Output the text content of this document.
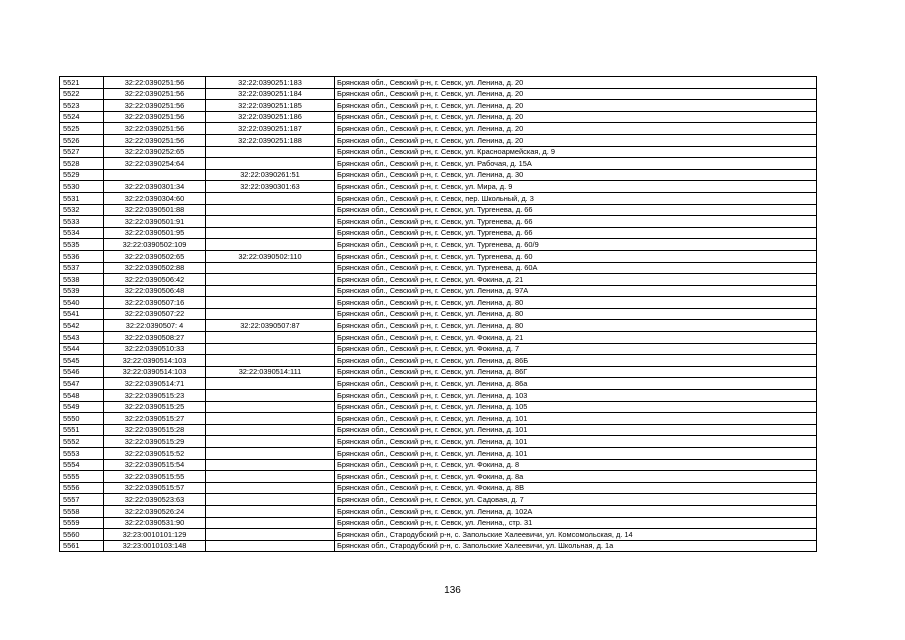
5521	32:22:0390251:56	32:22:0390251:183	Брянская обл., Севский р-н, г. Севск, ул. Ленина, д. 20
5522	32:22:0390251:56	32:22:0390251:184	Брянская обл., Севский р-н, г. Севск, ул. Ленина, д. 20
5523	32:22:0390251:56	32:22:0390251:185	Брянская обл., Севский р-н, г. Севск, ул. Ленина, д. 20
5524	32:22:0390251:56	32:22:0390251:186	Брянская обл., Севский р-н, г. Севск, ул. Ленина, д. 20
5525	32:22:0390251:56	32:22:0390251:187	Брянская обл., Севский р-н, г. Севск, ул. Ленина, д. 20
5526	32:22:0390251:56	32:22:0390251:188	Брянская обл., Севский р-н, г. Севск, ул. Ленина, д. 20
5527	32:22:0390252:65		Брянская обл., Севский р-н, г. Севск, ул. Красноармейская, д. 9
5528	32:22:0390254:64		Брянская обл., Севский р-н, г. Севск, ул. Рабочая, д. 15А
5529		32:22:0390261:51	Брянская обл., Севский р-н, г. Севск, ул. Ленина, д. 30
5530	32:22:0390301:34	32:22:0390301:63	Брянская обл., Севский р-н, г. Севск, ул. Мира, д. 9
5531	32:22:0390304:60		Брянская обл., Севский р-н, г. Севск, пер. Школьный, д. 3
5532	32:22:0390501:88		Брянская обл., Севский р-н, г. Севск, ул. Тургенева, д. 66
5533	32:22:0390501:91		Брянская обл., Севский р-н, г. Севск, ул. Тургенева, д. 66
5534	32:22:0390501:95		Брянская обл., Севский р-н, г. Севск, ул. Тургенева, д. 66
5535	32:22:0390502:109		Брянская обл., Севский р-н, г. Севск, ул. Тургенева, д. 60/9
5536	32:22:0390502:65	32:22:0390502:110	Брянская обл., Севский р-н, г. Севск, ул. Тургенева, д. 60
5537	32:22:0390502:88		Брянская обл., Севский р-н, г. Севск, ул. Тургенева, д. 60А
5538	32:22:0390506:42		Брянская обл., Севский р-н, г. Севск, ул. Фокина, д. 21
5539	32:22:0390506:48		Брянская обл., Севский р-н, г. Севск, ул. Ленина, д. 97А
5540	32:22:0390507:16		Брянская обл., Севский р-н, г. Севск, ул. Ленина, д. 80
5541	32:22:0390507:22		Брянская обл., Севский р-н, г. Севск, ул. Ленина, д. 80
5542	32:22:0390507: 4	32:22:0390507:87	Брянская обл., Севский р-н, г. Севск, ул. Ленина, д. 80
5543	32:22:0390508:27		Брянская обл., Севский р-н, г. Севск, ул. Фокина, д. 21
5544	32:22:0390510:33		Брянская обл., Севский р-н, г. Севск, ул. Фокина, д. 7
5545	32:22:0390514:103		Брянская обл., Севский р-н, г. Севск, ул. Ленина, д. 86Б
5546	32:22:0390514:103	32:22:0390514:111	Брянская обл., Севский р-н, г. Севск, ул. Ленина, д. 86Г
5547	32:22:0390514:71		Брянская обл., Севский р-н, г. Севск, ул. Ленина, д. 86а
5548	32:22:0390515:23		Брянская обл., Севский р-н, г. Севск, ул. Ленина, д. 103
5549	32:22:0390515:25		Брянская обл., Севский р-н, г. Севск, ул. Ленина, д. 105
5550	32:22:0390515:27		Брянская обл., Севский р-н, г. Севск, ул. Ленина, д. 101
5551	32:22:0390515:28		Брянская обл., Севский р-н, г. Севск, ул. Ленина, д. 101
5552	32:22:0390515:29		Брянская обл., Севский р-н, г. Севск, ул. Ленина, д. 101
5553	32:22:0390515:52		Брянская обл., Севский р-н, г. Севск, ул. Ленина, д. 101
5554	32:22:0390515:54		Брянская обл., Севский р-н, г. Севск, ул. Фокина, д. 8
5555	32:22:0390515:55		Брянская обл., Севский р-н, г. Севск, ул. Фокина, д. 8а
5556	32:22:0390515:57		Брянская обл., Севский р-н, г. Севск, ул. Фокина, д. 8В
5557	32:22:0390523:63		Брянская обл., Севский р-н, г. Севск, ул. Садовая, д. 7
5558	32:22:0390526:24		Брянская обл., Севский р-н, г. Севск, ул. Ленина, д. 102А
5559	32:22:0390531:90		Брянская обл., Севский р-н, г. Севск, ул. Ленина,, стр. 31
5560	32:23:0010101:129		Брянская обл., Стародубский р-н, с. Запольские Халеевичи, ул. Комсомольская, д. 14
5561	32:23:0010103:148		Брянская обл., Стародубский р-н, с. Запольские Халеевичи, ул. Школьная, д. 1а
136
